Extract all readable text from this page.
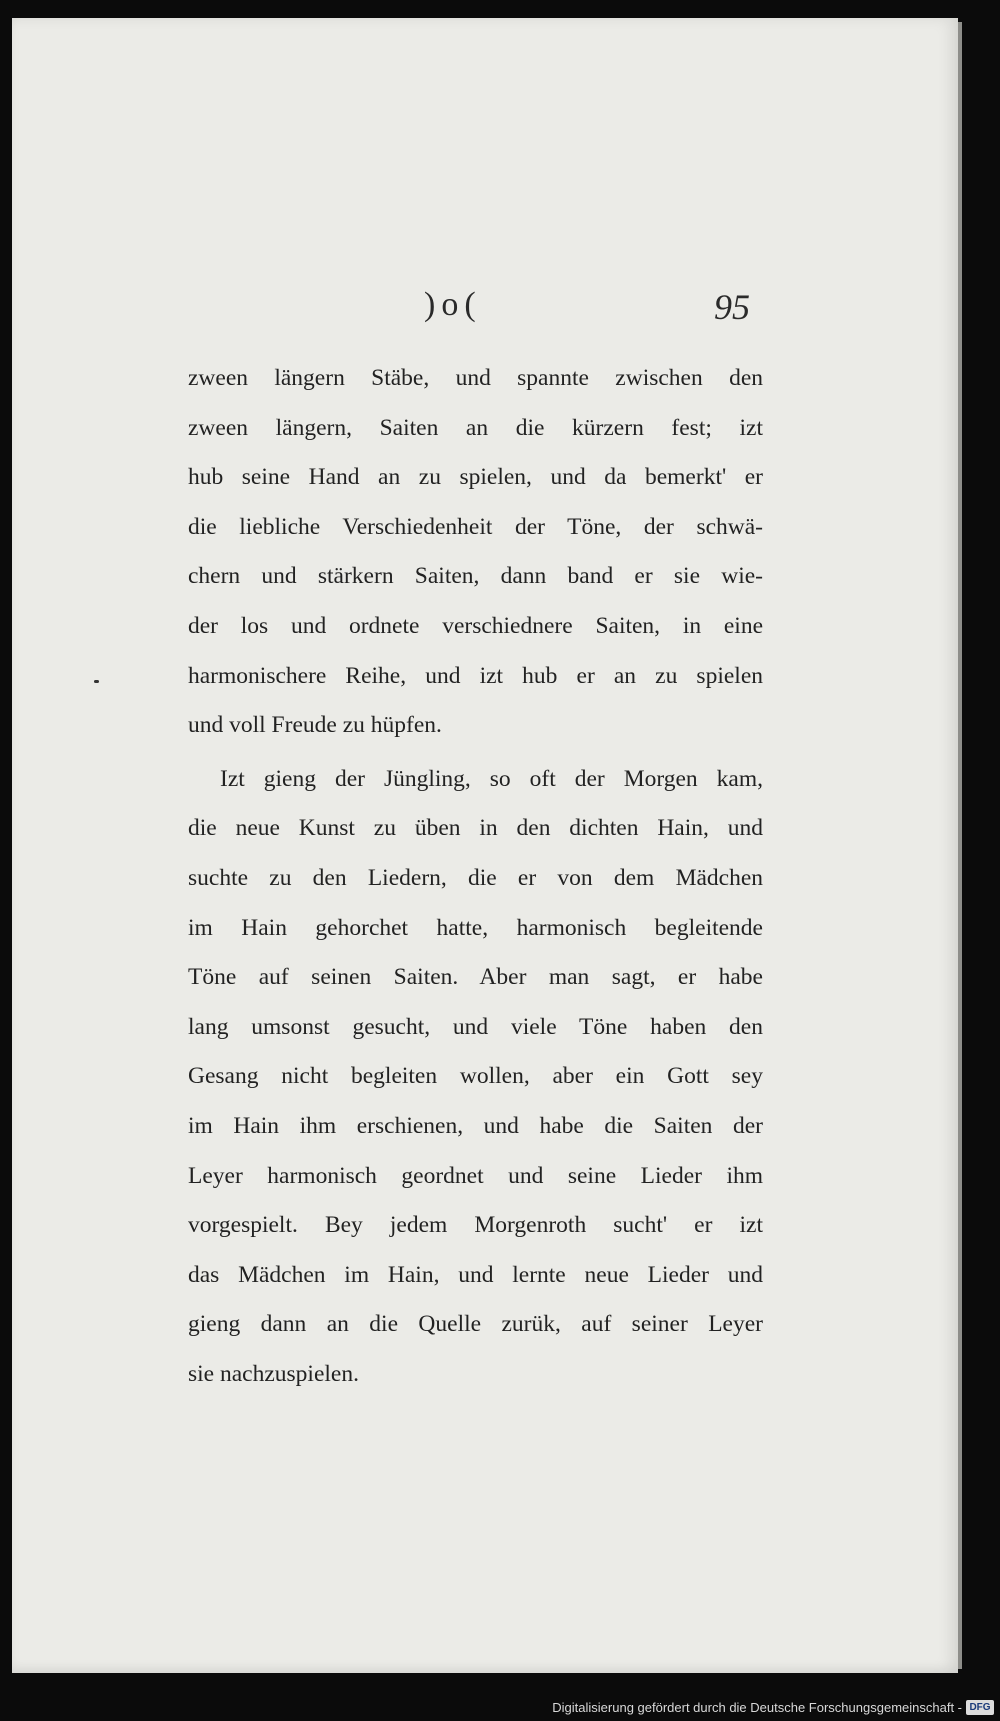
)o(	95
zween längern Stäbe, und spannte zwischen den
zween längern, Saiten an die kürzern fest; izt
hub seine Hand an zu spielen, und da bemerkt' er
die liebliche Verschiedenheit der Töne, der schwä-
chern und stärkern Saiten, dann band er sie wie-
der los und ordnete verschiednere Saiten, in eine
harmonischere Reihe, und izt hub er an zu spielen
und voll Freude zu hüpfen.
Izt gieng der Jüngling, so oft der Morgen kam,
die neue Kunst zu üben in den dichten Hain, und
suchte zu den Liedern, die er von dem Mädchen
im Hain gehorchet hatte, harmonisch begleitende
Töne auf seinen Saiten. Aber man sagt, er habe
lang umsonst gesucht, und viele Töne haben den
Gesang nicht begleiten wollen, aber ein Gott sey
im Hain ihm erschienen, und habe die Saiten der
Leyer harmonisch geordnet und seine Lieder ihm
vorgespielt. Bey jedem Morgenroth sucht' er izt
das Mädchen im Hain, und lernte neue Lieder und
gieng dann an die Quelle zurük, auf seiner Leyer
sie nachzuspielen.
Digitalisierung gefördert durch die Deutsche Forschungsgemeinschaft - DFG
